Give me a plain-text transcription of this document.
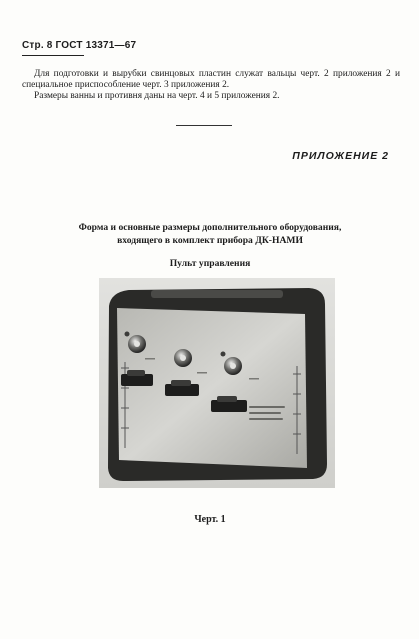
Стр. 8 ГОСТ 13371—67

Для подготовки и вырубки свинцовых пластин служат вальцы черт. 2 приложения 2 и специальное приспособление черт. 3 приложения 2.

Размеры ванны и противня даны на черт. 4 и 5 приложения 2.

ПРИЛОЖЕНИЕ 2
Форма и основные размеры дополнительного оборудования,
входящего в комплект прибора ДК-НАМИ
Пульт управления
Черт. 1
